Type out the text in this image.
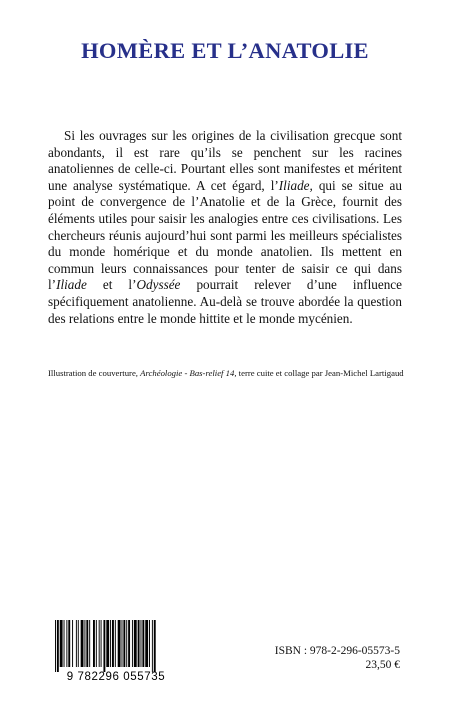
HOMÈRE ET L’ANATOLIE
Si les ouvrages sur les origines de la civilisation grecque sont abondants, il est rare qu’ils se penchent sur les racines anatoliennes de celle-ci. Pourtant elles sont manifestes et méritent une analyse systématique. A cet égard, l’Iliade, qui se situe au point de convergence de l’Anatolie et de la Grèce, fournit des éléments utiles pour saisir les analogies entre ces civilisations. Les chercheurs réunis aujourd’hui sont parmi les meilleurs spécialistes du monde homérique et du monde anatolien. Ils mettent en commun leurs connaissances pour tenter de saisir ce qui dans l’Iliade et l’Odyssée pourrait relever d’une influence spécifiquement anatolienne. Au-delà se trouve abordée la question des relations entre le monde hittite et le monde mycénien.
Illustration de couverture, Archéologie - Bas-relief 14, terre cuite et collage par Jean-Michel Lartigaud
9 782296 055735
ISBN : 978-2-296-05573-5
23,50 €
